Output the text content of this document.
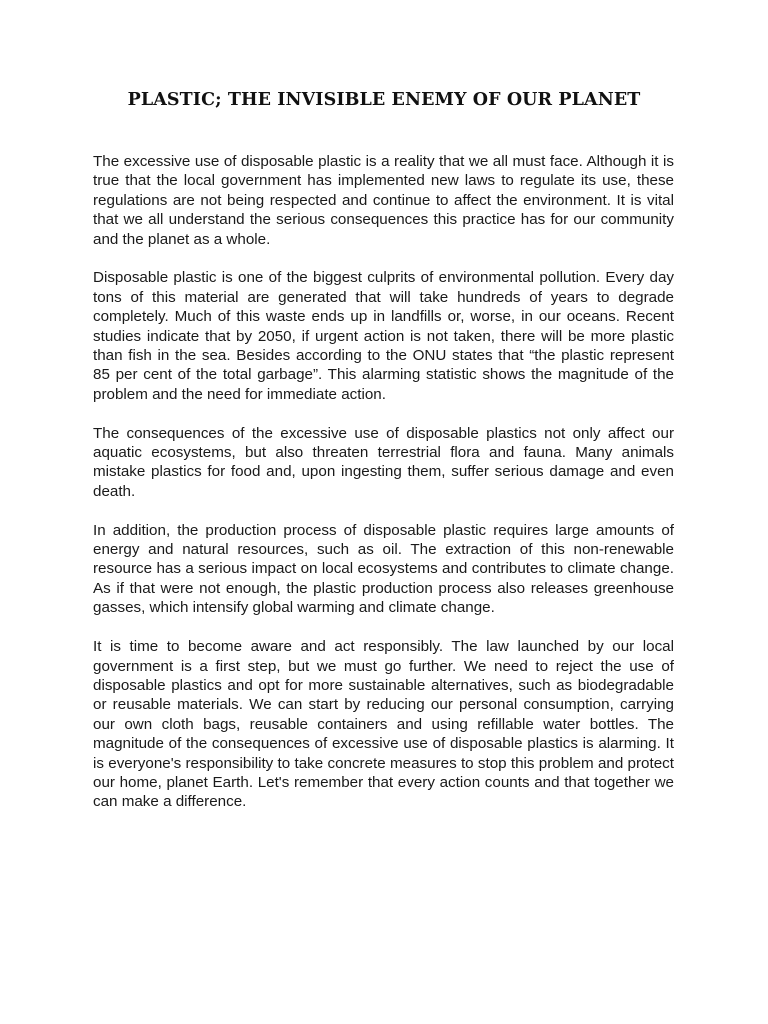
PLASTIC; THE INVISIBLE ENEMY OF OUR PLANET

The excessive use of disposable plastic is a reality that we all must face. Although it is true that the local government has implemented new laws to regulate its use, these regulations are not being respected and continue to affect the environment. It is vital that we all understand the serious consequences this practice has for our community and the planet as a whole.

Disposable plastic is one of the biggest culprits of environmental pollution. Every day tons of this material are generated that will take hundreds of years to degrade completely. Much of this waste ends up in landfills or, worse, in our oceans. Recent studies indicate that by 2050, if urgent action is not taken, there will be more plastic than fish in the sea. Besides according to the ONU states that “the plastic represent 85 per cent of the total garbage”. This alarming statistic shows the magnitude of the problem and the need for immediate action.

The consequences of the excessive use of disposable plastics not only affect our aquatic ecosystems, but also threaten terrestrial flora and fauna. Many animals mistake plastics for food and, upon ingesting them, suffer serious damage and even death.

In addition, the production process of disposable plastic requires large amounts of energy and natural resources, such as oil. The extraction of this non-renewable resource has a serious impact on local ecosystems and contributes to climate change. As if that were not enough, the plastic production process also releases greenhouse gasses, which intensify global warming and climate change.

It is time to become aware and act responsibly. The law launched by our local government is a first step, but we must go further. We need to reject the use of disposable plastics and opt for more sustainable alternatives, such as biodegradable or reusable materials. We can start by reducing our personal consumption, carrying our own cloth bags, reusable containers and using refillable water bottles. The magnitude of the consequences of excessive use of disposable plastics is alarming. It is everyone's responsibility to take concrete measures to stop this problem and protect our home, planet Earth. Let's remember that every action counts and that together we can make a difference.
